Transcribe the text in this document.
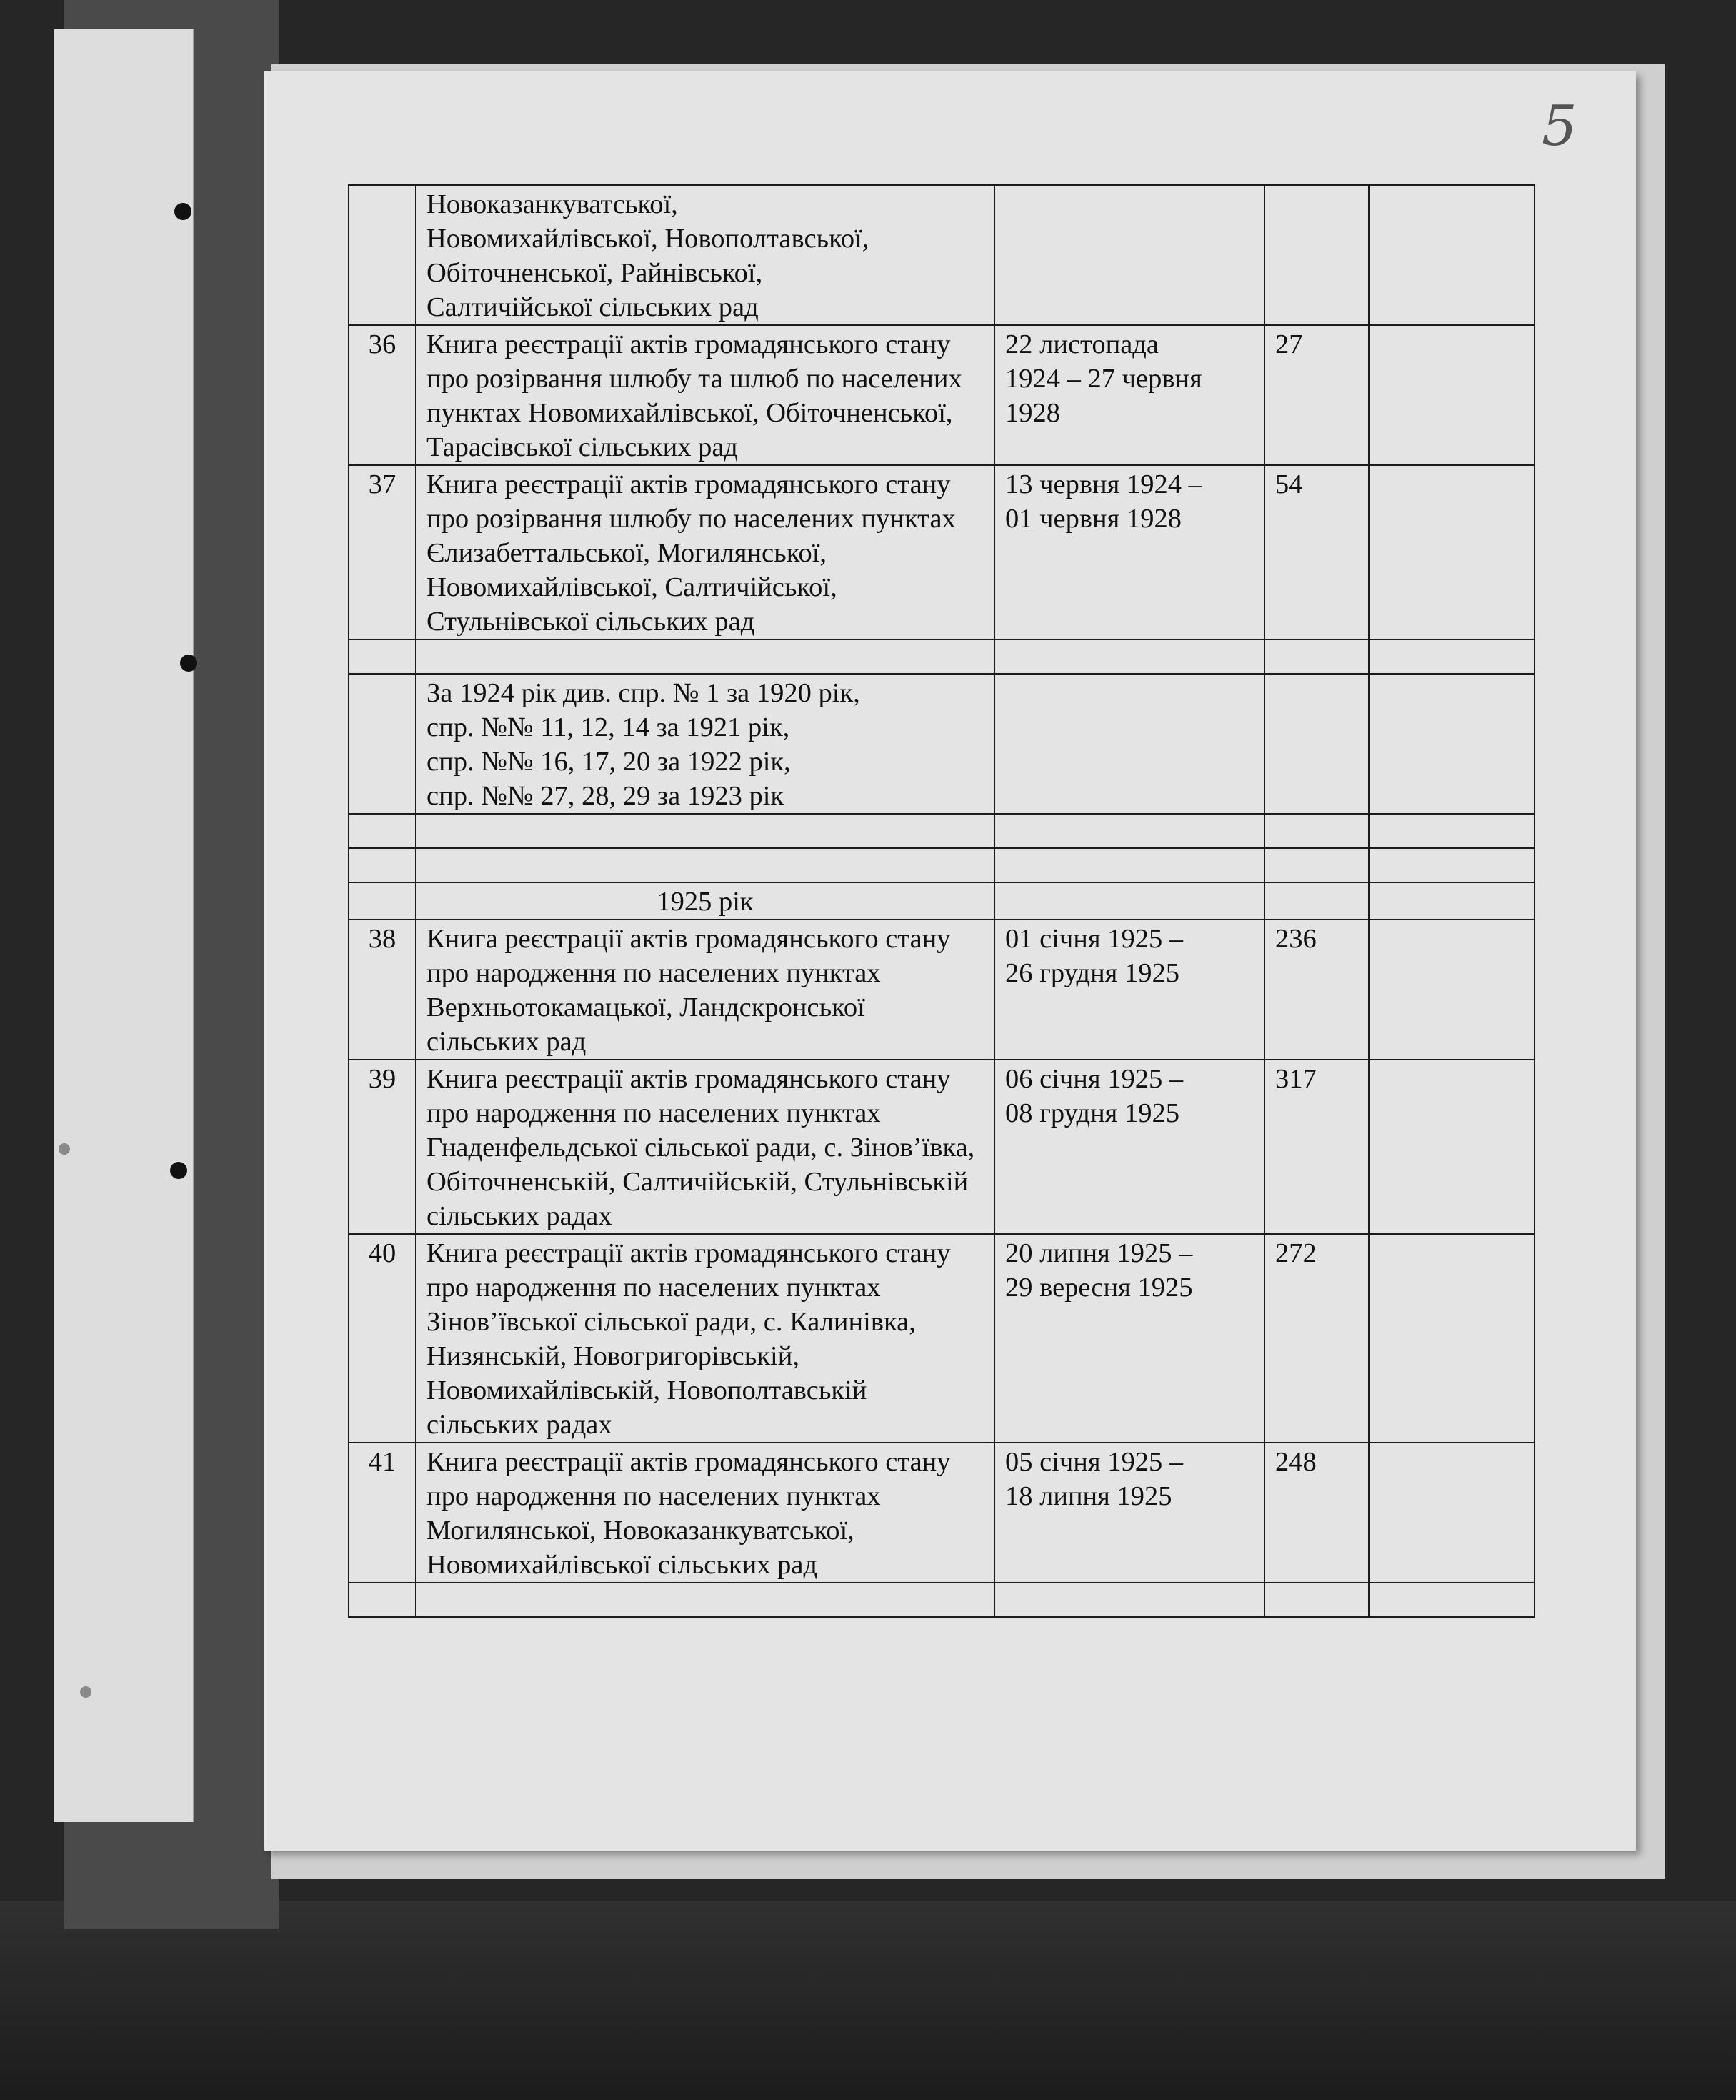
5
	Новоказанкуватської,
Новомихайлівської, Новополтавської,
Обіточненської, Райнівської,
Салтичійської сільських рад			
36	Книга реєстрації актів громадянського стану про розірвання шлюбу та шлюб по населених пунктах Новомихайлівської, Обіточненської, Тарасівської сільських рад	22 листопада
1924 – 27 червня
1928	27	
37	Книга реєстрації актів громадянського стану про розірвання шлюбу по населених пунктах Єлизабеттальської, Могилянської, Новомихайлівської, Салтичійської, Стульнівської сільських рад	13 червня 1924 –
01 червня 1928	54	

	За 1924 рік див. спр. № 1 за 1920 рік,
спр. №№ 11, 12, 14 за 1921 рік,
спр. №№ 16, 17, 20 за 1922 рік,
спр. №№ 27, 28, 29 за 1923 рік			

	1925 рік			
38	Книга реєстрації актів громадянського стану про народження по населених пунктах Верхньотокамацької, Ландскронської сільських рад	01 січня 1925 –
26 грудня 1925	236	
39	Книга реєстрації актів громадянського стану про народження по населених пунктах Гнаденфельдської сільської ради, с. Зінов’ївка, Обіточненській, Салтичійській, Стульнівській сільських радах	06 січня 1925 –
08 грудня 1925	317	
40	Книга реєстрації актів громадянського стану про народження по населених пунктах Зінов’ївської сільської ради, с. Калинівка, Низянській, Новогригорівській, Новомихайлівській, Новополтавській сільських радах	20 липня 1925 –
29 вересня 1925	272	
41	Книга реєстрації актів громадянського стану про народження по населених пунктах Могилянської, Новоказанкуватської, Новомихайлівської сільських рад	05 січня 1925 –
18 липня 1925	248	
